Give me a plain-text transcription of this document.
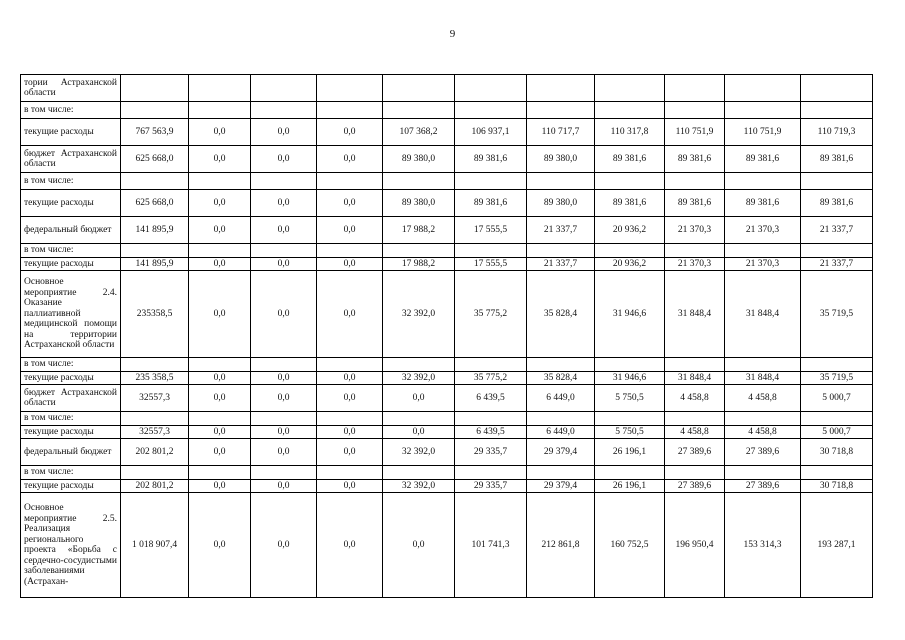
9
тории Астраханской области											
в том числе:											
текущие расходы	767 563,9	0,0	0,0	0,0	107 368,2	106 937,1	110 717,7	110 317,8	110 751,9	110 751,9	110 719,3
бюджет Астраханской области	625 668,0	0,0	0,0	0,0	89 380,0	89 381,6	89 380,0	89 381,6	89 381,6	89 381,6	89 381,6
в том числе:											
текущие расходы	625 668,0	0,0	0,0	0,0	89 380,0	89 381,6	89 380,0	89 381,6	89 381,6	89 381,6	89 381,6
федеральный бюджет	141 895,9	0,0	0,0	0,0	17 988,2	17 555,5	21 337,7	20 936,2	21 370,3	21 370,3	21 337,7
в том числе:											
текущие расходы	141 895,9	0,0	0,0	0,0	17 988,2	17 555,5	21 337,7	20 936,2	21 370,3	21 370,3	21 337,7
Основное мероприятие 2.4. Оказание паллиативной медицинской помощи на территории Астраханской области	235358,5	0,0	0,0	0,0	32 392,0	35 775,2	35 828,4	31 946,6	31 848,4	31 848,4	35 719,5
в том числе:											
текущие расходы	235 358,5	0,0	0,0	0,0	32 392,0	35 775,2	35 828,4	31 946,6	31 848,4	31 848,4	35 719,5
бюджет Астраханской области	32557,3	0,0	0,0	0,0	0,0	6 439,5	6 449,0	5 750,5	4 458,8	4 458,8	5 000,7
в том числе:											
текущие расходы	32557,3	0,0	0,0	0,0	0,0	6 439,5	6 449,0	5 750,5	4 458,8	4 458,8	5 000,7
федеральный бюджет	202 801,2	0,0	0,0	0,0	32 392,0	29 335,7	29 379,4	26 196,1	27 389,6	27 389,6	30 718,8
в том числе:											
текущие расходы	202 801,2	0,0	0,0	0,0	32 392,0	29 335,7	29 379,4	26 196,1	27 389,6	27 389,6	30 718,8
Основное мероприятие 2.5. Реализация регионального проекта «Борьба с сердечно-сосудистыми заболеваниями (Астрахан-	1 018 907,4	0,0	0,0	0,0	0,0	101 741,3	212 861,8	160 752,5	196 950,4	153 314,3	193 287,1
